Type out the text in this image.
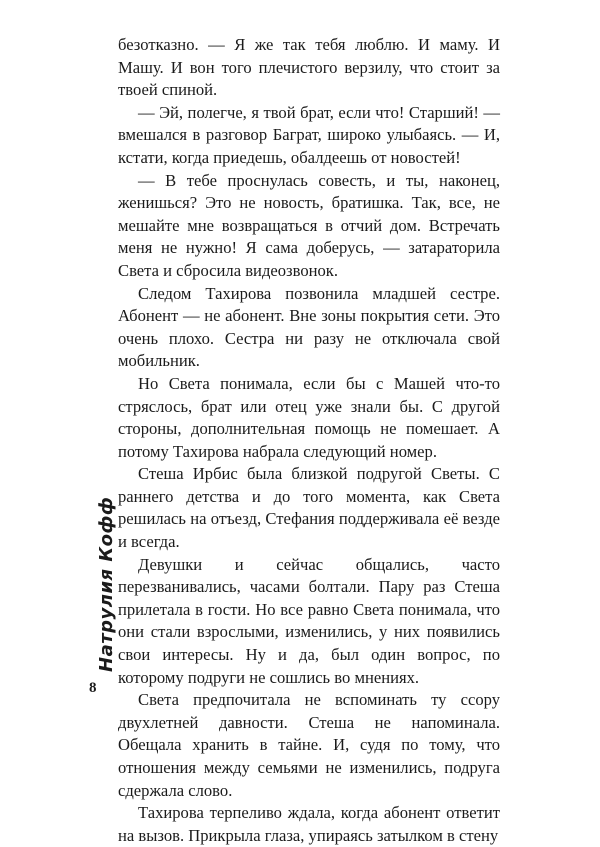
безотказно. — Я же так тебя люблю. И маму. И Машу. И вон того плечистого верзилу, что стоит за твоей спиной.

— Эй, полегче, я твой брат, если что! Старший! — вмешался в разговор Баграт, широко улыбаясь. — И, кстати, когда приедешь, обалдеешь от новостей!

— В тебе проснулась совесть, и ты, наконец, женишься? Это не новость, братишка. Так, все, не мешайте мне возвращаться в отчий дом. Встречать меня не нужно! Я сама доберусь, — затараторила Света и сбросила видеозвонок.

Следом Тахирова позвонила младшей сестре. Абонент — не абонент. Вне зоны покрытия сети. Это очень плохо. Сестра ни разу не отключала свой мобильник.

Но Света понимала, если бы с Машей что-то стряслось, брат или отец уже знали бы. С другой стороны, дополнительная помощь не помешает. А потому Тахирова набрала следующий номер.

Стеша Ирбис была близкой подругой Светы. С раннего детства и до того момента, как Света решилась на отъезд, Стефания поддерживала её везде и всегда.

Девушки и сейчас общались, часто перезванивались, часами болтали. Пару раз Стеша прилетала в гости. Но все равно Света понимала, что они стали взрослыми, изменились, у них появились свои интересы. Ну и да, был один вопрос, по которому подруги не сошлись во мнениях.

Света предпочитала не вспоминать ту ссору двухлетней давности. Стеша не напоминала. Обещала хранить в тайне. И, судя по тому, что отношения между семьями не изменились, подруга сдержала слово.

Тахирова терпеливо ждала, когда абонент ответит на вызов. Прикрыла глаза, упираясь затылком в стену

Натрулия Кофф
8
